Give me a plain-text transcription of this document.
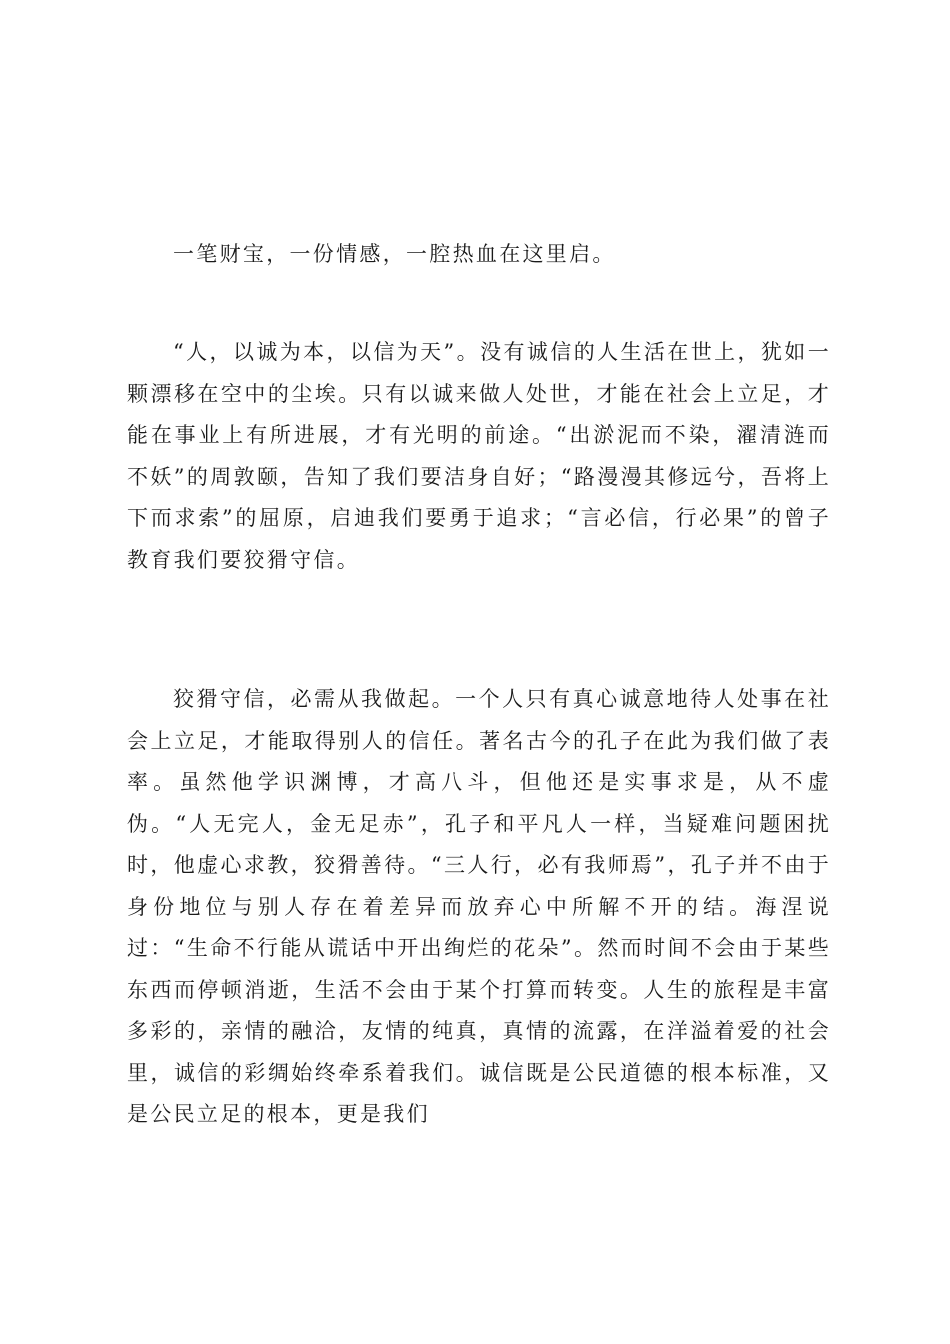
一笔财宝，一份情感，一腔热血在这里启。

“人，以诚为本，以信为天”。没有诚信的人生活在世上，犹如一颗漂移在空中的尘埃。只有以诚来做人处世，才能在社会上立足，才能在事业上有所进展，才有光明的前途。“出淤泥而不染，濯清涟而不妖”的周敦颐，告知了我们要洁身自好；“路漫漫其修远兮，吾将上下而求索”的屈原，启迪我们要勇于追求；“言必信，行必果”的曾子教育我们要狡猾守信。

狡猾守信，必需从我做起。一个人只有真心诚意地待人处事在社会上立足，才能取得别人的信任。著名古今的孔子在此为我们做了表率。虽然他学识渊博，才高八斗，但他还是实事求是，从不虚伪。“人无完人，金无足赤”，孔子和平凡人一样，当疑难问题困扰时，他虚心求教，狡猾善待。“三人行，必有我师焉”，孔子并不由于身份地位与别人存在着差异而放弃心中所解不开的结。海涅说过：“生命不行能从谎话中开出绚烂的花朵”。然而时间不会由于某些东西而停顿消逝，生活不会由于某个打算而转变。人生的旅程是丰富多彩的，亲情的融洽，友情的纯真，真情的流露，在洋溢着爱的社会里，诚信的彩绸始终牵系着我们。诚信既是公民道德的根本标准，又是公民立足的根本，更是我们
